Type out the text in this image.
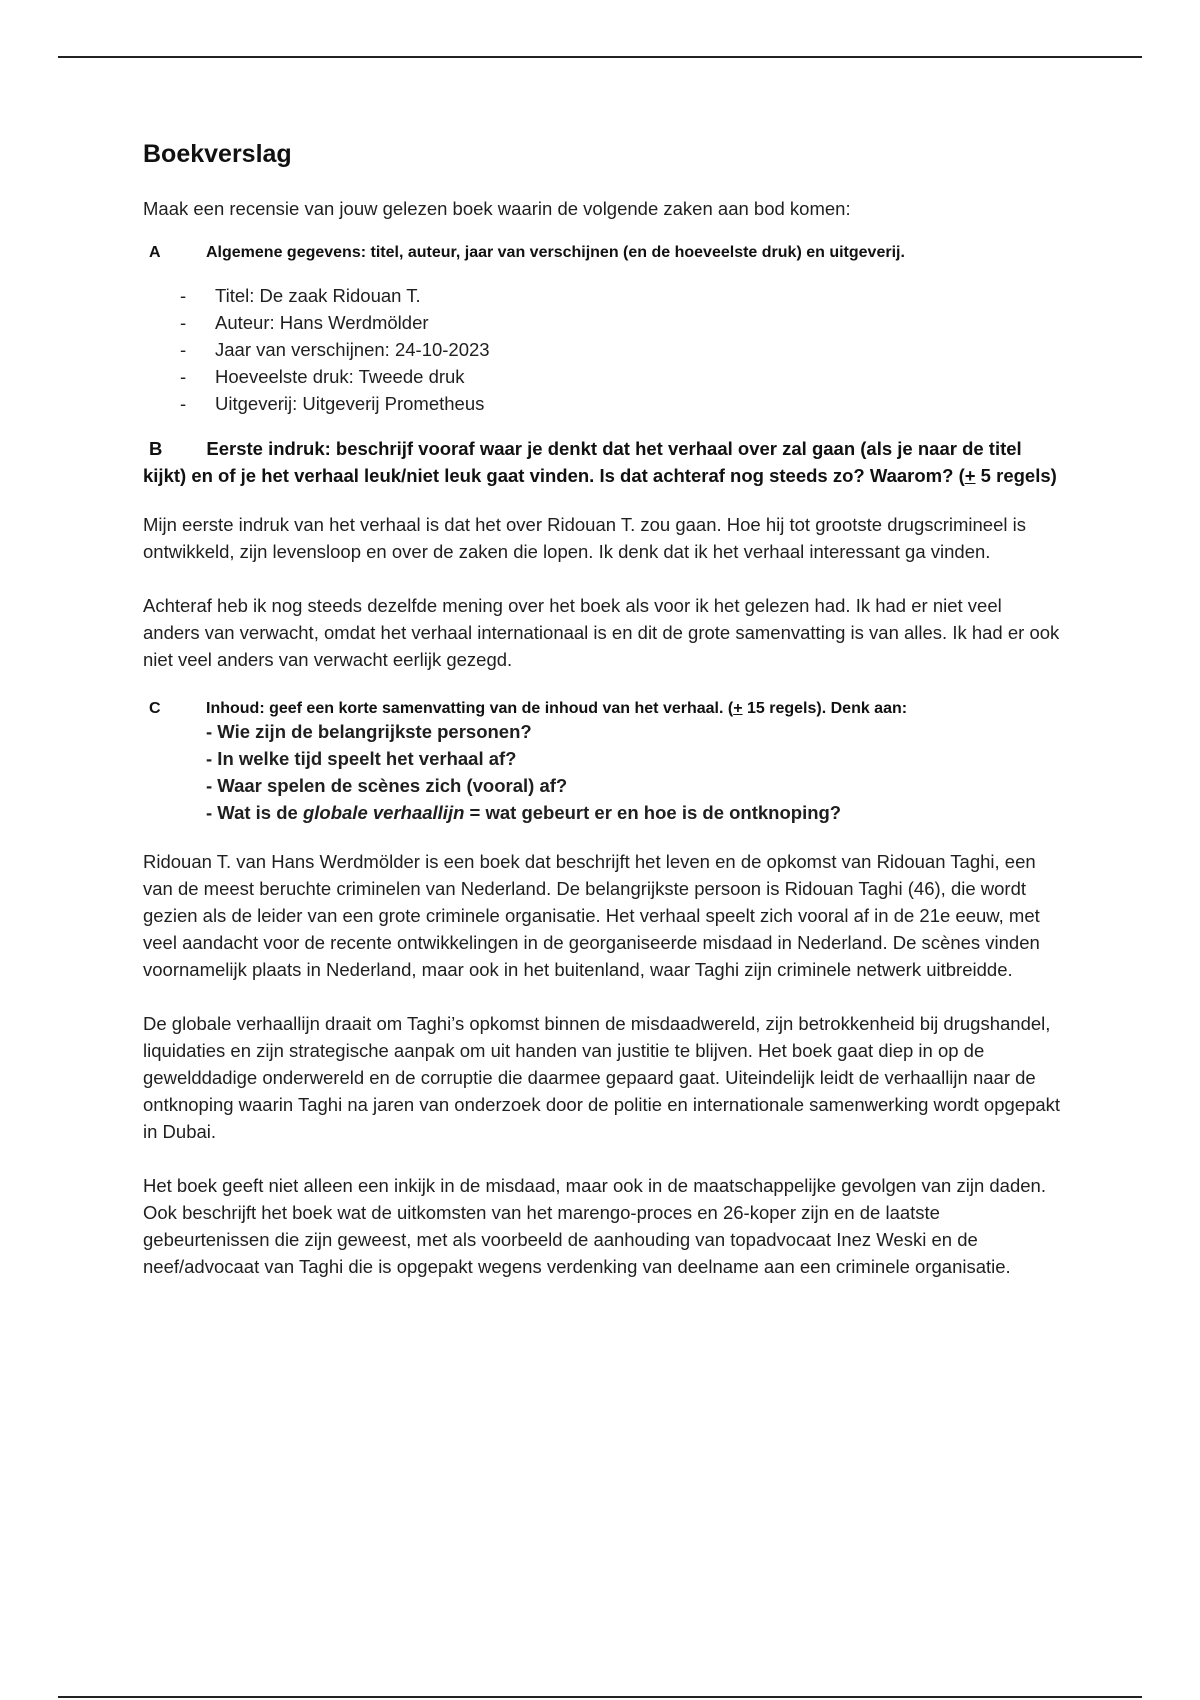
Boekverslag

Maak een recensie van jouw gelezen boek waarin de volgende zaken aan bod komen:

A	Algemene gegevens: titel, auteur, jaar van verschijnen (en de hoeveelste druk) en uitgeverij.
-	Titel: De zaak Ridouan T.
-	Auteur: Hans Werdmölder
-	Jaar van verschijnen: 24-10-2023
-	Hoeveelste druk: Tweede druk
-	Uitgeverij: Uitgeverij Prometheus

B Eerste indruk: beschrijf vooraf waar je denkt dat het verhaal over zal gaan (als je naar de titel kijkt) en of je het verhaal leuk/niet leuk gaat vinden. Is dat achteraf nog steeds zo? Waarom? (+ 5 regels)

Mijn eerste indruk van het verhaal is dat het over Ridouan T. zou gaan. Hoe hij tot grootste drugscrimineel is ontwikkeld, zijn levensloop en over de zaken die lopen. Ik denk dat ik het verhaal interessant ga vinden.

Achteraf heb ik nog steeds dezelfde mening over het boek als voor ik het gelezen had. Ik had er niet veel anders van verwacht, omdat het verhaal internationaal is en dit de grote samenvatting is van alles. Ik had er ook niet veel anders van verwacht eerlijk gezegd.

C	Inhoud: geef een korte samenvatting van de inhoud van het verhaal. (+ 15 regels). Denk aan:
- Wie zijn de belangrijkste personen?
- In welke tijd speelt het verhaal af?
- Waar spelen de scènes zich (vooral) af?
- Wat is de globale verhaallijn = wat gebeurt er en hoe is de ontknoping?

Ridouan T. van Hans Werdmölder is een boek dat beschrijft het leven en de opkomst van Ridouan Taghi, een van de meest beruchte criminelen van Nederland. De belangrijkste persoon is Ridouan Taghi (46), die wordt gezien als de leider van een grote criminele organisatie. Het verhaal speelt zich vooral af in de 21e eeuw, met veel aandacht voor de recente ontwikkelingen in de georganiseerde misdaad in Nederland. De scènes vinden voornamelijk plaats in Nederland, maar ook in het buitenland, waar Taghi zijn criminele netwerk uitbreidde.

De globale verhaallijn draait om Taghi’s opkomst binnen de misdaadwereld, zijn betrokkenheid bij drugshandel, liquidaties en zijn strategische aanpak om uit handen van justitie te blijven. Het boek gaat diep in op de gewelddadige onderwereld en de corruptie die daarmee gepaard gaat. Uiteindelijk leidt de verhaallijn naar de ontknoping waarin Taghi na jaren van onderzoek door de politie en internationale samenwerking wordt opgepakt in Dubai.

Het boek geeft niet alleen een inkijk in de misdaad, maar ook in de maatschappelijke gevolgen van zijn daden. Ook beschrijft het boek wat de uitkomsten van het marengo-proces en 26-koper zijn en de laatste gebeurtenissen die zijn geweest, met als voorbeeld de aanhouding van topadvocaat Inez Weski en de neef/advocaat van Taghi die is opgepakt wegens verdenking van deelname aan een criminele organisatie.
